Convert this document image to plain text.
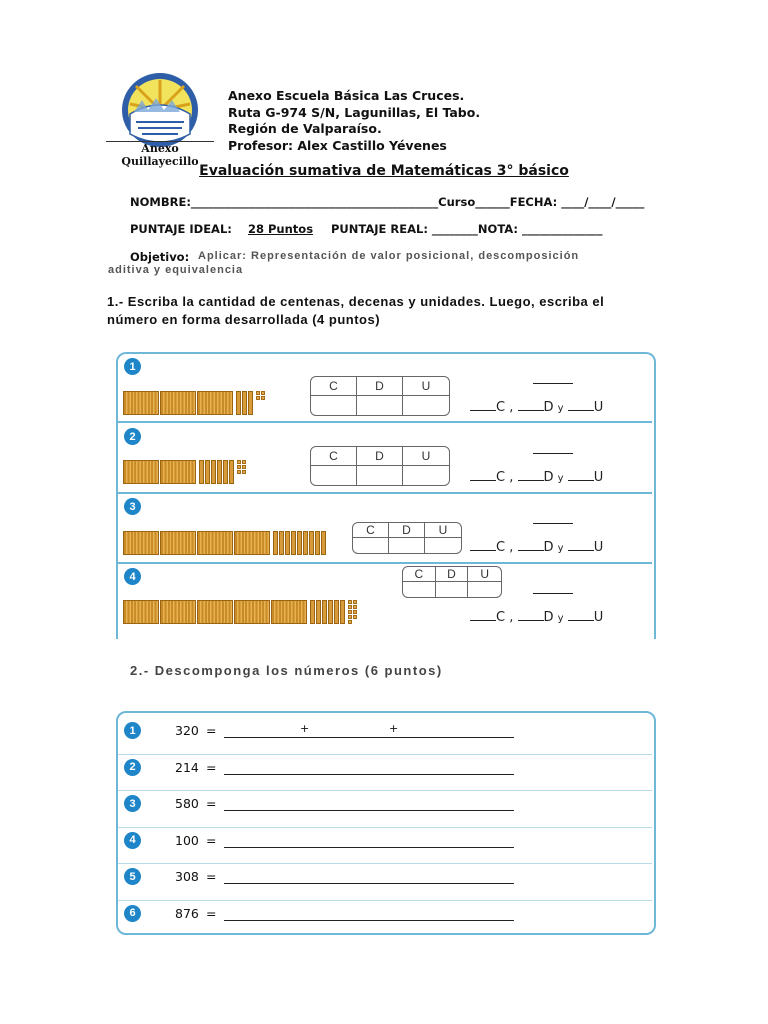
Anexo Quillayecillo
Anexo Escuela Básica Las Cruces.
Ruta G-974 S/N, Lagunillas, El Tabo.
Región de Valparaíso.
Profesor: Alex Castillo Yévenes
Evaluación sumativa de Matemáticas 3° básico
NOMBRE:___________________________________________Curso______FECHA: ____/____/_____
PUNTAJE IDEAL: 28 Puntos PUNTAJE REAL: ________NOTA: ______________
Objetivo: Aplicar: Representación de valor posicional, descomposición
aditiva y equivalencia
1.- Escriba la cantidad de centenas, decenas y unidades. Luego, escriba el
número en forma desarrollada (4 puntos)
1
C	D	U
C , D y U
2
C	D	U
C , D y U
3
C	D	U
C , D y U
4	C	D	U
C , D y U
2.- Descomponga los números (6 puntos)
1	320 =	+	+
2	214 =
3	580 =
4	100 =
5	308 =
6	876 =
